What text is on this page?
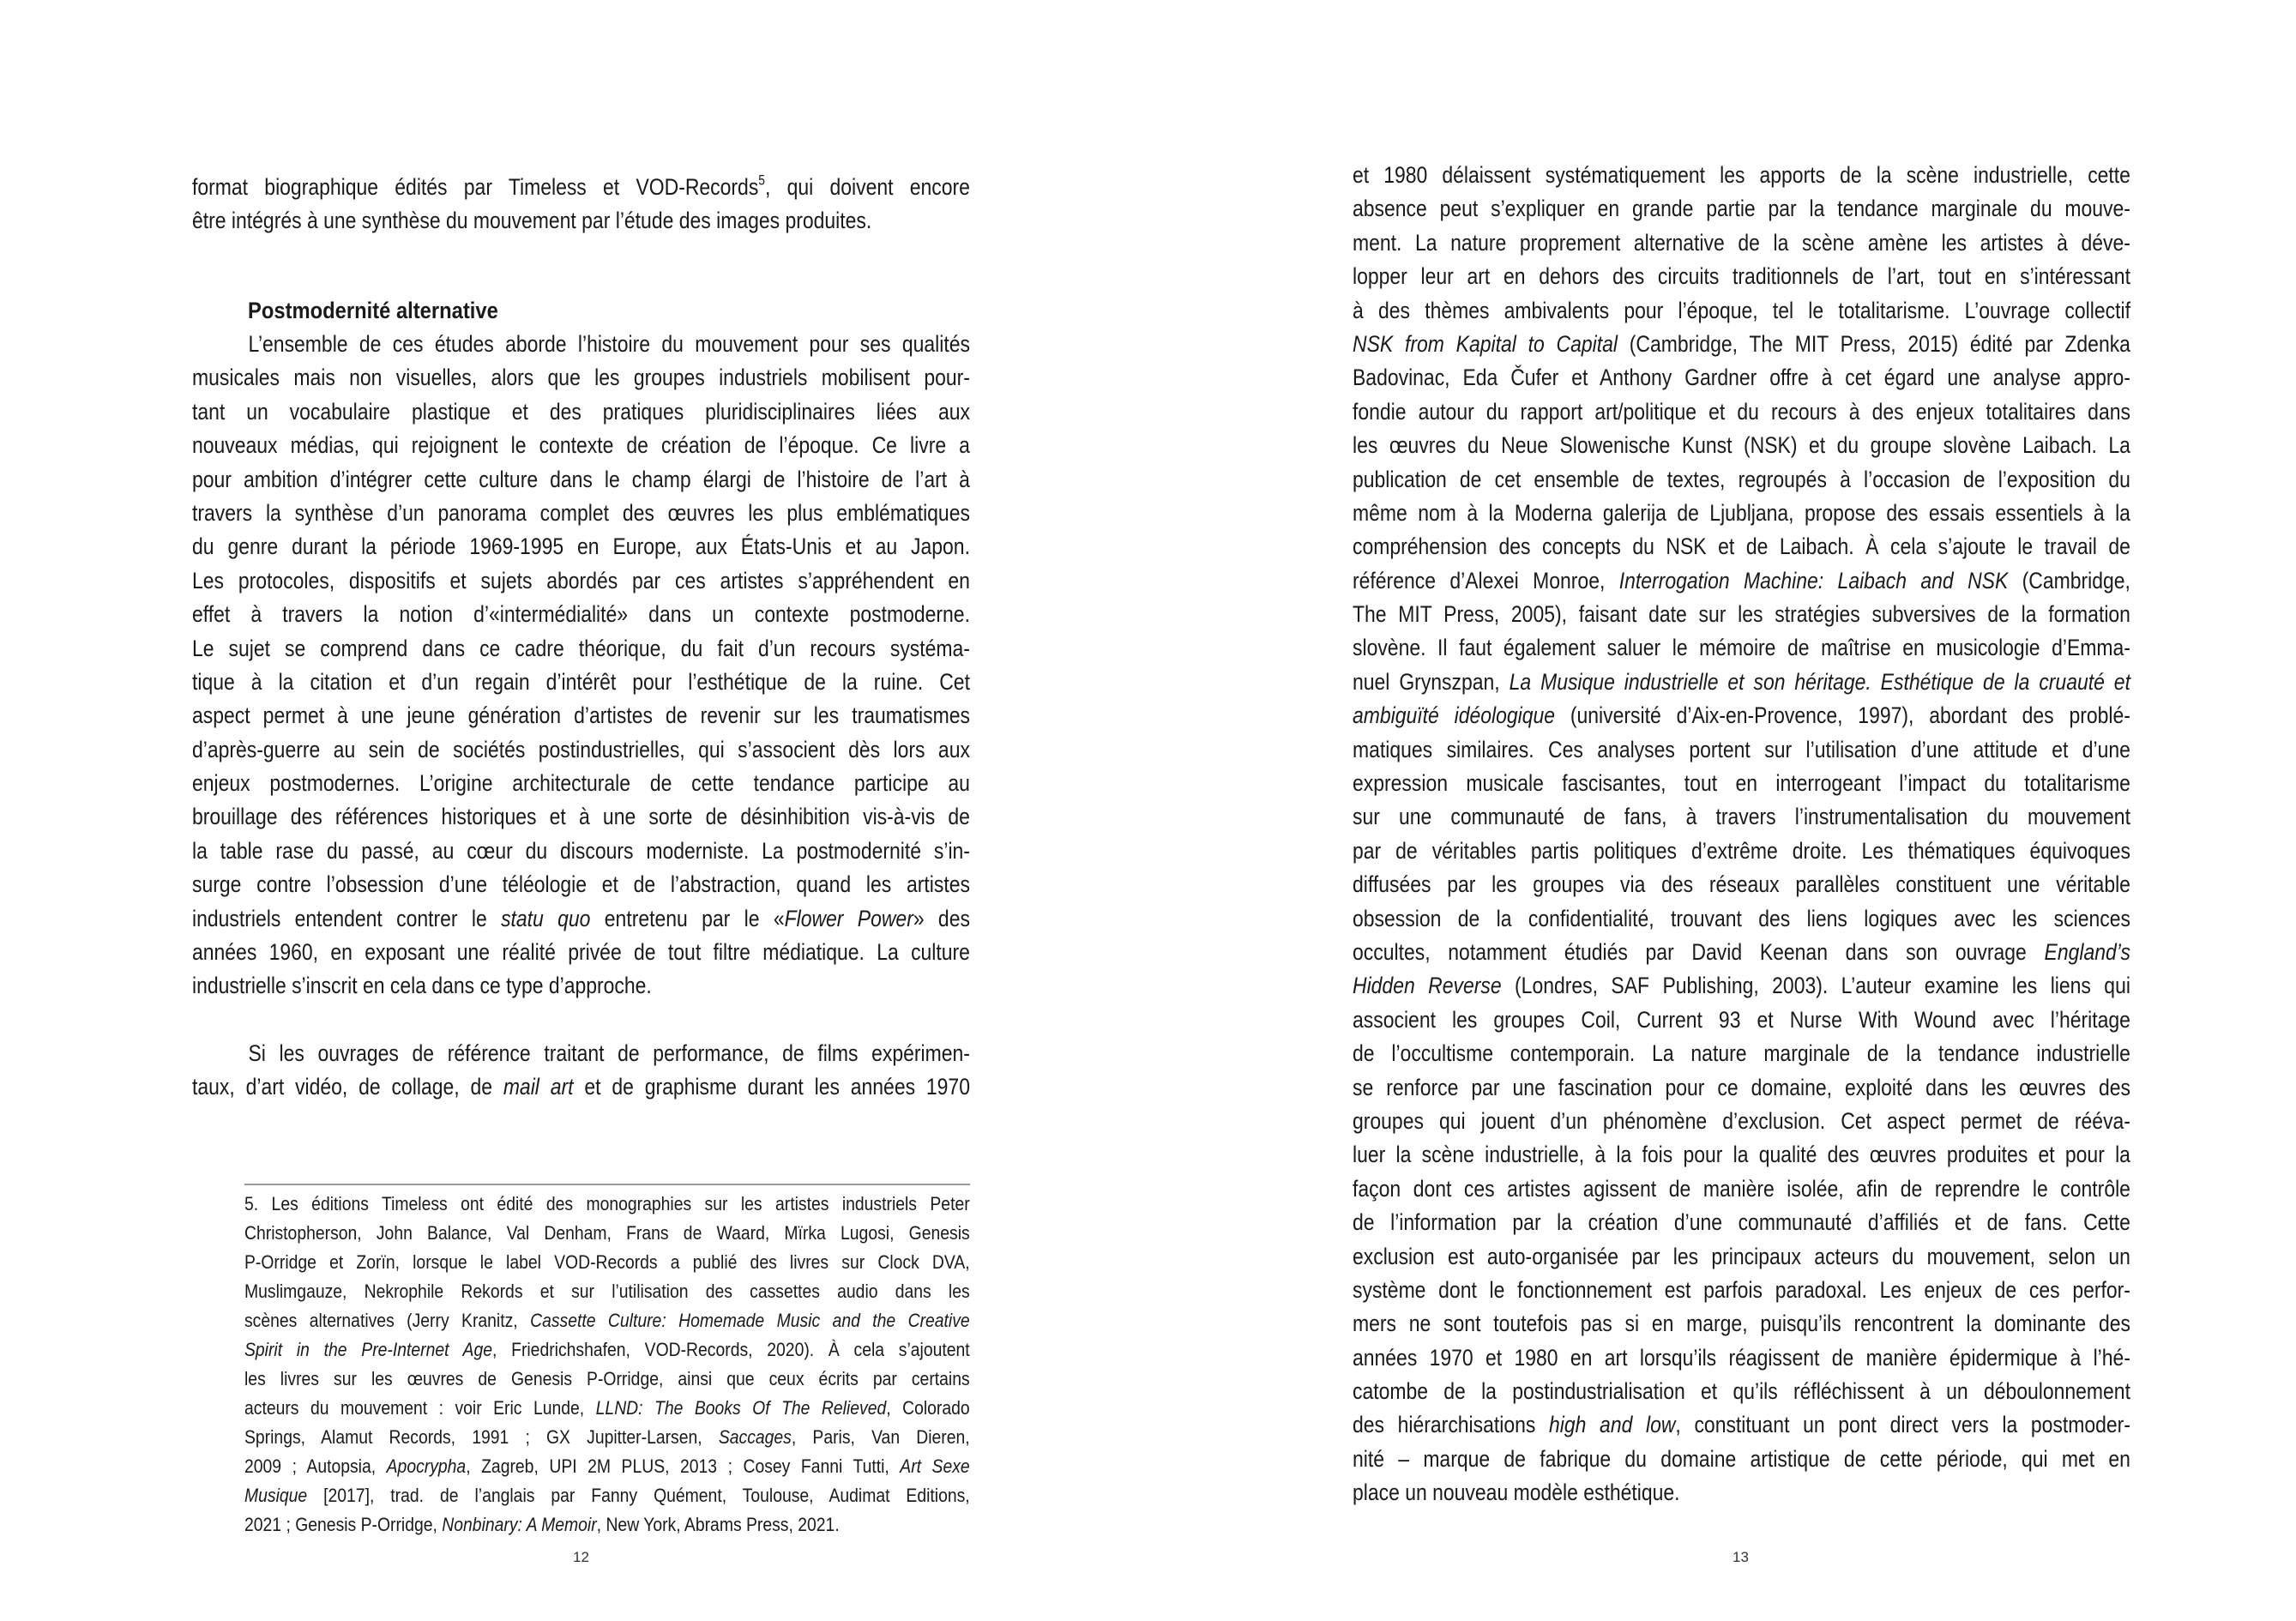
format biographique édités par Timeless et VOD-Records$^5$, qui doivent encore
être intégrés à une synthèse du mouvement par l’étude des images produites.
Postmodernité alternative
L’ensemble de ces études aborde l’histoire du mouvement pour ses qualités
musicales mais non visuelles, alors que les groupes industriels mobilisent pour-
tant un vocabulaire plastique et des pratiques pluridisciplinaires liées aux
nouveaux médias, qui rejoignent le contexte de création de l’époque. Ce livre a
pour ambition d’intégrer cette culture dans le champ élargi de l’histoire de l’art à
travers la synthèse d’un panorama complet des œuvres les plus emblématiques
du genre durant la période 1969-1995 en Europe, aux États-Unis et au Japon.
Les protocoles, dispositifs et sujets abordés par ces artistes s’appréhendent en
effet à travers la notion d’«intermédialité» dans un contexte postmoderne.
Le sujet se comprend dans ce cadre théorique, du fait d’un recours systéma-
tique à la citation et d’un regain d’intérêt pour l’esthétique de la ruine. Cet
aspect permet à une jeune génération d’artistes de revenir sur les traumatismes
d’après-guerre au sein de sociétés postindustrielles, qui s’associent dès lors aux
enjeux postmodernes. L’origine architecturale de cette tendance participe au
brouillage des références historiques et à une sorte de désinhibition vis-à-vis de
la table rase du passé, au cœur du discours moderniste. La postmodernité s’in-
surge contre l’obsession d’une téléologie et de l’abstraction, quand les artistes
industriels entendent contrer le statu quo entretenu par le «Flower Power» des
années 1960, en exposant une réalité privée de tout filtre médiatique. La culture
industrielle s’inscrit en cela dans ce type d’approche.
Si les ouvrages de référence traitant de performance, de films expérimen-
taux, d’art vidéo, de collage, de mail art et de graphisme durant les années 1970
5. Les éditions Timeless ont édité des monographies sur les artistes industriels Peter
Christopherson, John Balance, Val Denham, Frans de Waard, Mïrka Lugosi, Genesis
P-Orridge et Zorïn, lorsque le label VOD-Records a publié des livres sur Clock DVA,
Muslimgauze, Nekrophile Rekords et sur l’utilisation des cassettes audio dans les
scènes alternatives (Jerry Kranitz, Cassette Culture: Homemade Music and the Creative
Spirit in the Pre-Internet Age, Friedrichshafen, VOD-Records, 2020). À cela s’ajoutent
les livres sur les œuvres de Genesis P-Orridge, ainsi que ceux écrits par certains
acteurs du mouvement : voir Eric Lunde, LLND: The Books Of The Relieved, Colorado
Springs, Alamut Records, 1991 ; GX Jupitter-Larsen, Saccages, Paris, Van Dieren,
2009 ; Autopsia, Apocrypha, Zagreb, UPI 2M PLUS, 2013 ; Cosey Fanni Tutti, Art Sexe
Musique [2017], trad. de l’anglais par Fanny Quément, Toulouse, Audimat Editions,
2021 ; Genesis P-Orridge, Nonbinary: A Memoir, New York, Abrams Press, 2021.
12
et 1980 délaissent systématiquement les apports de la scène industrielle, cette
absence peut s’expliquer en grande partie par la tendance marginale du mouve-
ment. La nature proprement alternative de la scène amène les artistes à déve-
lopper leur art en dehors des circuits traditionnels de l’art, tout en s’intéressant
à des thèmes ambivalents pour l’époque, tel le totalitarisme. L’ouvrage collectif
NSK from Kapital to Capital (Cambridge, The MIT Press, 2015) édité par Zdenka
Badovinac, Eda Čufer et Anthony Gardner offre à cet égard une analyse appro-
fondie autour du rapport art/politique et du recours à des enjeux totalitaires dans
les œuvres du Neue Slowenische Kunst (NSK) et du groupe slovène Laibach. La
publication de cet ensemble de textes, regroupés à l’occasion de l’exposition du
même nom à la Moderna galerija de Ljubljana, propose des essais essentiels à la
compréhension des concepts du NSK et de Laibach. À cela s’ajoute le travail de
référence d’Alexei Monroe, Interrogation Machine: Laibach and NSK (Cambridge,
The MIT Press, 2005), faisant date sur les stratégies subversives de la formation
slovène. Il faut également saluer le mémoire de maîtrise en musicologie d’Emma-
nuel Grynszpan, La Musique industrielle et son héritage. Esthétique de la cruauté et
ambiguïté idéologique (université d’Aix-en-Provence, 1997), abordant des problé-
matiques similaires. Ces analyses portent sur l’utilisation d’une attitude et d’une
expression musicale fascisantes, tout en interrogeant l’impact du totalitarisme
sur une communauté de fans, à travers l’instrumentalisation du mouvement
par de véritables partis politiques d’extrême droite. Les thématiques équivoques
diffusées par les groupes via des réseaux parallèles constituent une véritable
obsession de la confidentialité, trouvant des liens logiques avec les sciences
occultes, notamment étudiés par David Keenan dans son ouvrage England’s
Hidden Reverse (Londres, SAF Publishing, 2003). L’auteur examine les liens qui
associent les groupes Coil, Current 93 et Nurse With Wound avec l’héritage
de l’occultisme contemporain. La nature marginale de la tendance industrielle
se renforce par une fascination pour ce domaine, exploité dans les œuvres des
groupes qui jouent d’un phénomène d’exclusion. Cet aspect permet de rééva-
luer la scène industrielle, à la fois pour la qualité des œuvres produites et pour la
façon dont ces artistes agissent de manière isolée, afin de reprendre le contrôle
de l’information par la création d’une communauté d’affiliés et de fans. Cette
exclusion est auto-organisée par les principaux acteurs du mouvement, selon un
système dont le fonctionnement est parfois paradoxal. Les enjeux de ces perfor-
mers ne sont toutefois pas si en marge, puisqu’ils rencontrent la dominante des
années 1970 et 1980 en art lorsqu’ils réagissent de manière épidermique à l’hé-
catombe de la postindustrialisation et qu’ils réfléchissent à un déboulonnement
des hiérarchisations high and low, constituant un pont direct vers la postmoder-
nité – marque de fabrique du domaine artistique de cette période, qui met en
place un nouveau modèle esthétique.
13
